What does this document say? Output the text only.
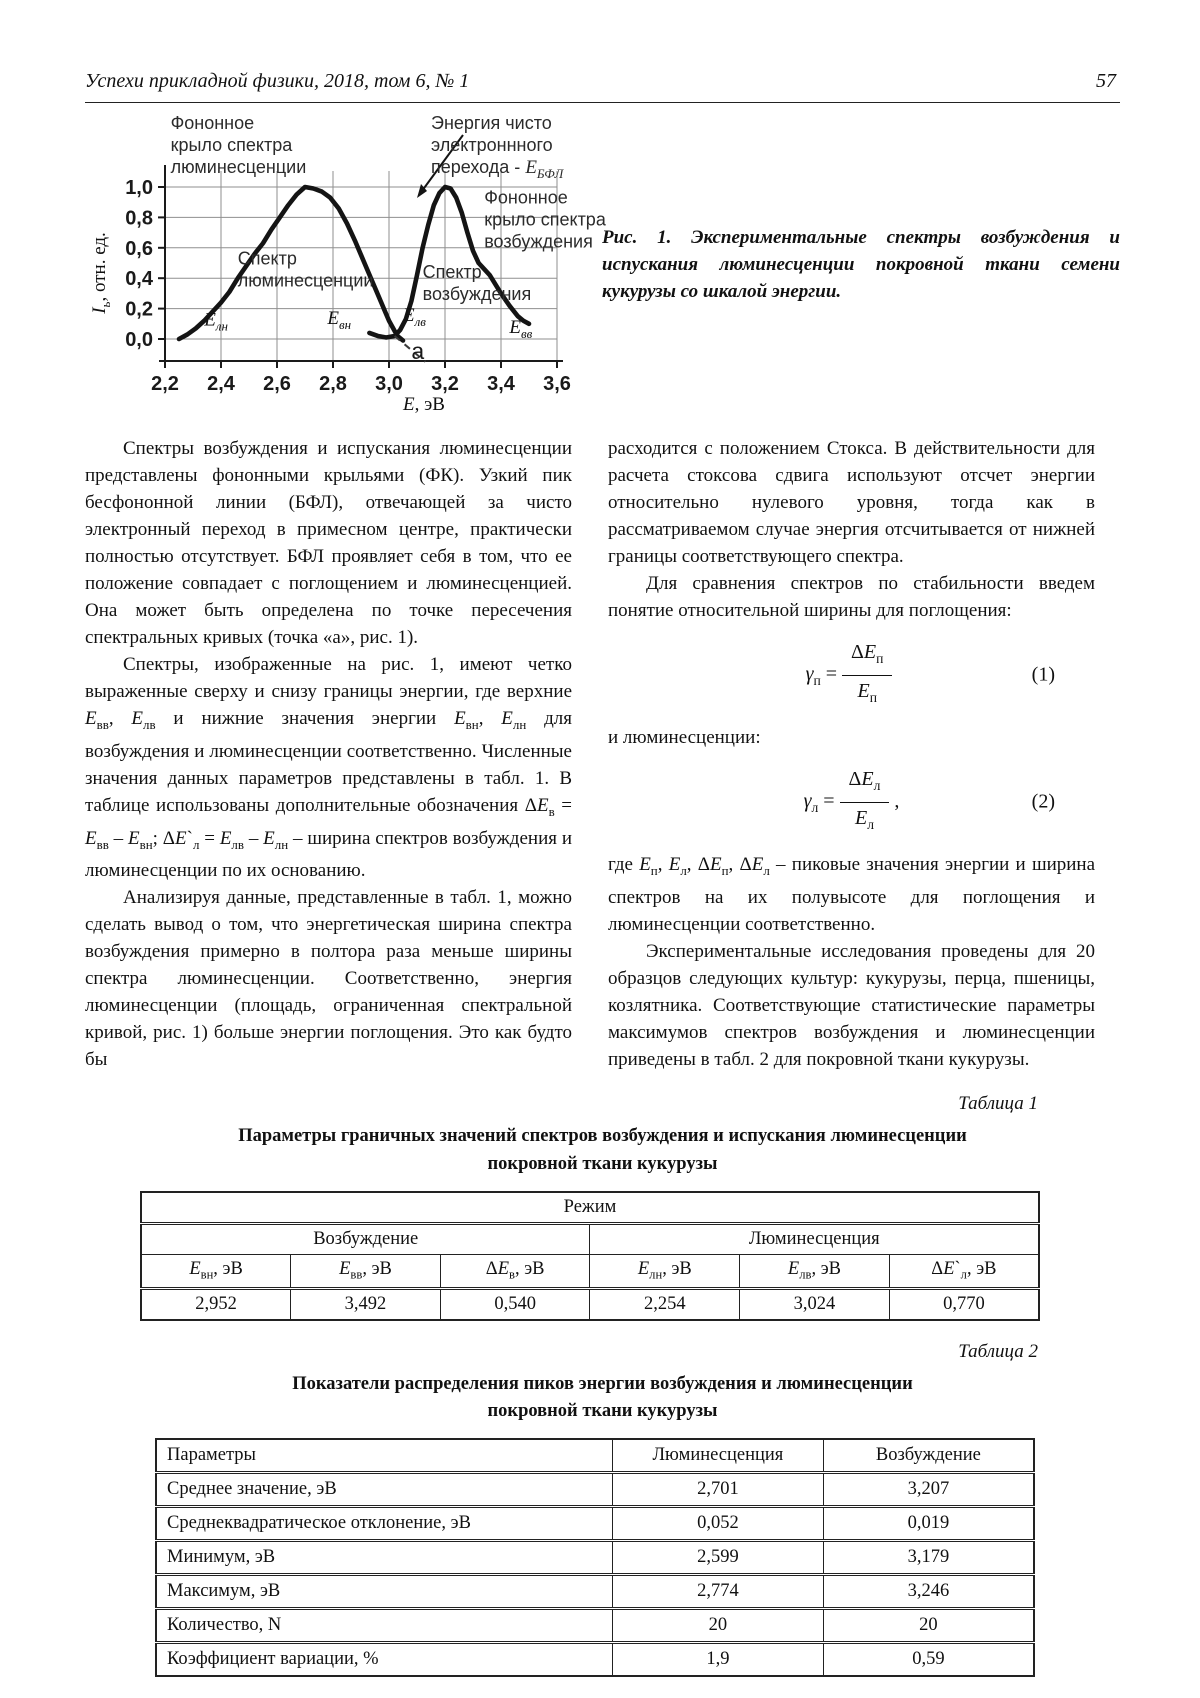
Успехи прикладной физики, 2018, том 6, № 1	57
0,0
0,2
0,4
0,6
0,8
1,0
2,2 2,4 2,6 2,8 3,0 3,2 3,4 3,6
Фононное
крыло спектра
люминесценции
Энергия чисто
электроннного
перехода - $E_{БФЛ}$
Фононное
крыло спектра
возбуждения
Спектр
люминесценции	Спектр
возбуждения
$E_{лн}$	$E_{вн}$	$E_{лв}$	$E_{вв}$
а
E, эВ
$I_ь$, отн. ед.	Рис. 1. Экспериментальные спектры возбуждения и испускания люминесценции покровной ткани семени кукурузы со шкалой энергии.

Спектры возбуждения и испускания люминесценции представлены фононными крыльями (ФК). Узкий пик бесфононной линии (БФЛ), отвечающей за чисто электронный переход в примесном центре, практически полностью отсутствует. БФЛ проявляет себя в том, что ее положение совпадает с поглощением и люминесценцией. Она может быть определена по точке пересечения спектральных кривых (точка «а», рис. 1).

Спектры, изображенные на рис. 1, имеют четко выраженные сверху и снизу границы энергии, где верхние $E_{вв}$, $E_{лв}$ и нижние значения энергии $E_{вн}$, $E_{лн}$ для возбуждения и люминесценции соответственно. Численные значения данных параметров представлены в табл. 1. В таблице использованы дополнительные обозначения $\Delta E_в = E_{вв} - E_{вн}$; $\Delta E`_л = E_{лв} - E_{лн}$ – ширина спектров возбуждения и люминесценции по их основанию.

Анализируя данные, представленные в табл. 1, можно сделать вывод о том, что энергетическая ширина спектра возбуждения примерно в полтора раза меньше ширины спектра люминесценции. Соответственно, энергия люминесценции (площадь, ограниченная спектральной кривой, рис. 1) больше энергии поглощения. Это как будто бы

расходится с положением Стокса. В действительности для расчета стоксова сдвига используют отсчет энергии относительно нулевого уровня, тогда как в рассматриваемом случае энергия отсчитывается от нижней границы соответствующего спектра.

Для сравнения спектров по стабильности введем понятие относительной ширины для поглощения:

$\gamma_п = \frac{\Delta E_п}{E_п}$	(1)

и люминесценции:

$\gamma_л = \frac{\Delta E_л}{E_л}$ ,	(2)

где $E_п$, $E_л$, $\Delta E_п$, $\Delta E_л$ – пиковые значения энергии и ширина спектров на их полувысоте для поглощения и люминесценции соответственно.

Экспериментальные исследования проведены для 20 образцов следующих культур: кукурузы, перца, пшеницы, козлятника. Соответствующие статистические параметры максимумов спектров возбуждения и люминесценции приведены в табл. 2 для покровной ткани кукурузы.

Таблица 1
Параметры граничных значений спектров возбуждения и испускания люминесценции
покровной ткани кукурузы
Режим					
Возбуждение			Люминесценция		
$E_{вн}$, эВ	$E_{вв}$, эВ	$\Delta E_в$, эВ	$E_{лн}$, эВ	$E_{лв}$, эВ	$\Delta E`_л$, эВ
2,952	3,492	0,540	2,254	3,024	0,770
Таблица 2
Показатели распределения пиков энергии возбуждения и люминесценции
покровной ткани кукурузы
Параметры	Люминесценция	Возбуждение
Среднее значение, эВ	2,701	3,207
Среднеквадратическое отклонение, эВ	0,052	0,019
Минимум, эВ	2,599	3,179
Максимум, эВ	2,774	3,246
Количество, N	20	20
Коэффициент вариации, %	1,9	0,59
